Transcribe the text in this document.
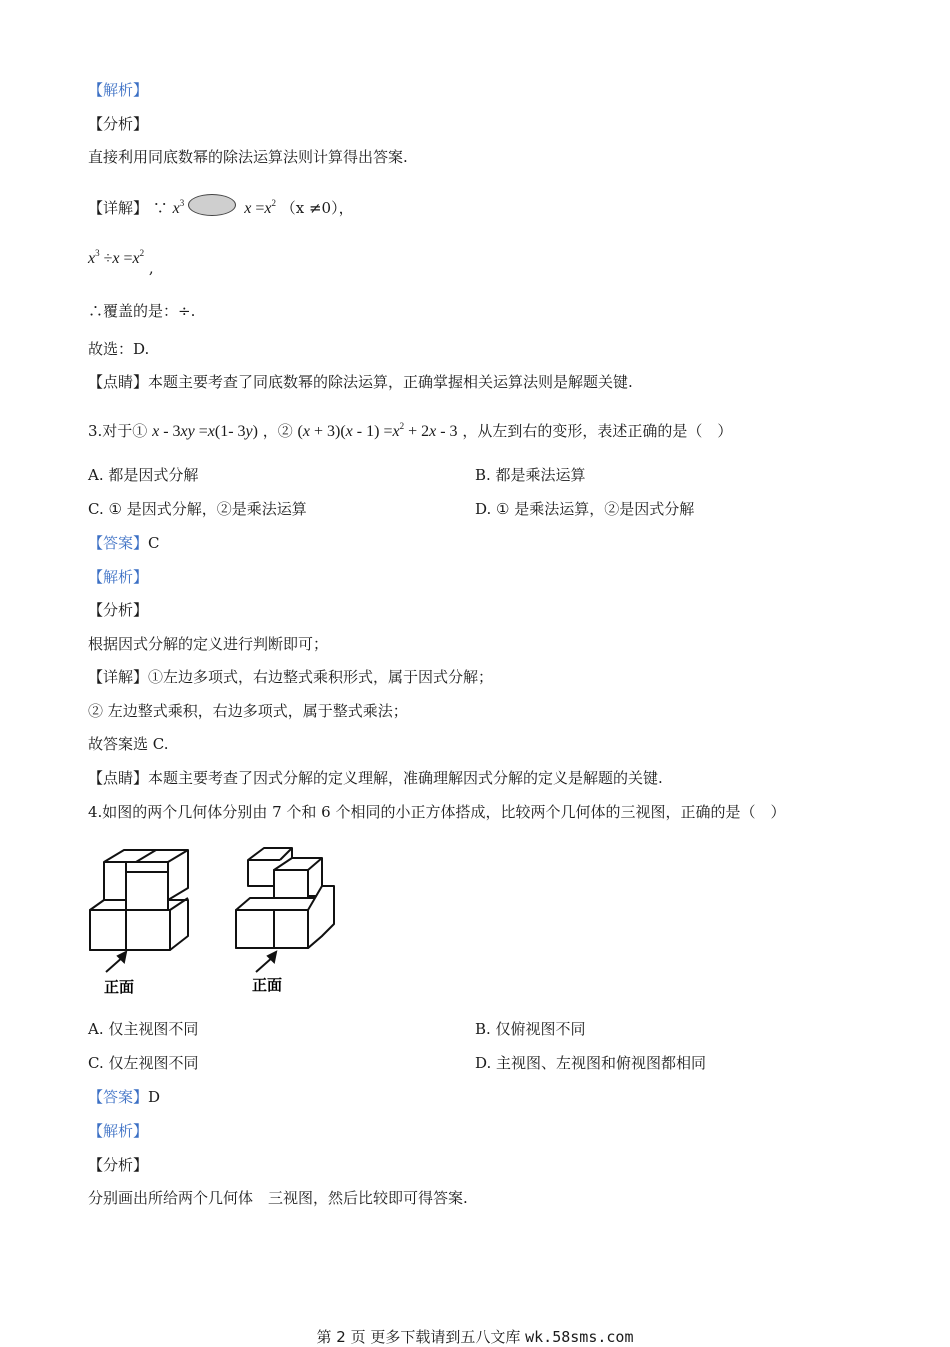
【解析】
【分析】
直接利用同底数幂的除法运算法则计算得出答案.
【详解】 ∵ $x^3$	$x =x^2$ （x ≠0），
$x^3 \div x =x^2$ ,
∴覆盖的是：÷.
故选：D.
【点睛】本题主要考查了同底数幂的除法运算，正确掌握相关运算法则是解题关键.
3.对于① x - 3xy =x(1- 3y) ，② $(x + 3)(x - 1) =x^2 + 2x - 3$ ，从左到右的变形，表述正确的是（　）
A. 都是因式分解	B. 都是乘法运算
C. ① 是因式分解，②是乘法运算	D. ① 是乘法运算，②是因式分解
【答案】C
【解析】
【分析】
根据因式分解的定义进行判断即可；
【详解】①左边多项式，右边整式乘积形式，属于因式分解；
② 左边整式乘积，右边多项式，属于整式乘法；
故答案选 C.
【点睛】本题主要考查了因式分解的定义理解，准确理解因式分解的定义是解题的关键.
4.如图的两个几何体分别由 7 个和 6 个相同的小正方体搭成，比较两个几何体的三视图，正确的是（　）
正面	正面
A. 仅主视图不同	B. 仅俯视图不同
C. 仅左视图不同	D. 主视图、左视图和俯视图都相同
【答案】D
【解析】
【分析】
分别画出所给两个几何体　三视图，然后比较即可得答案.
第 2 页 更多下载请到五八文库 wk.58sms.com
